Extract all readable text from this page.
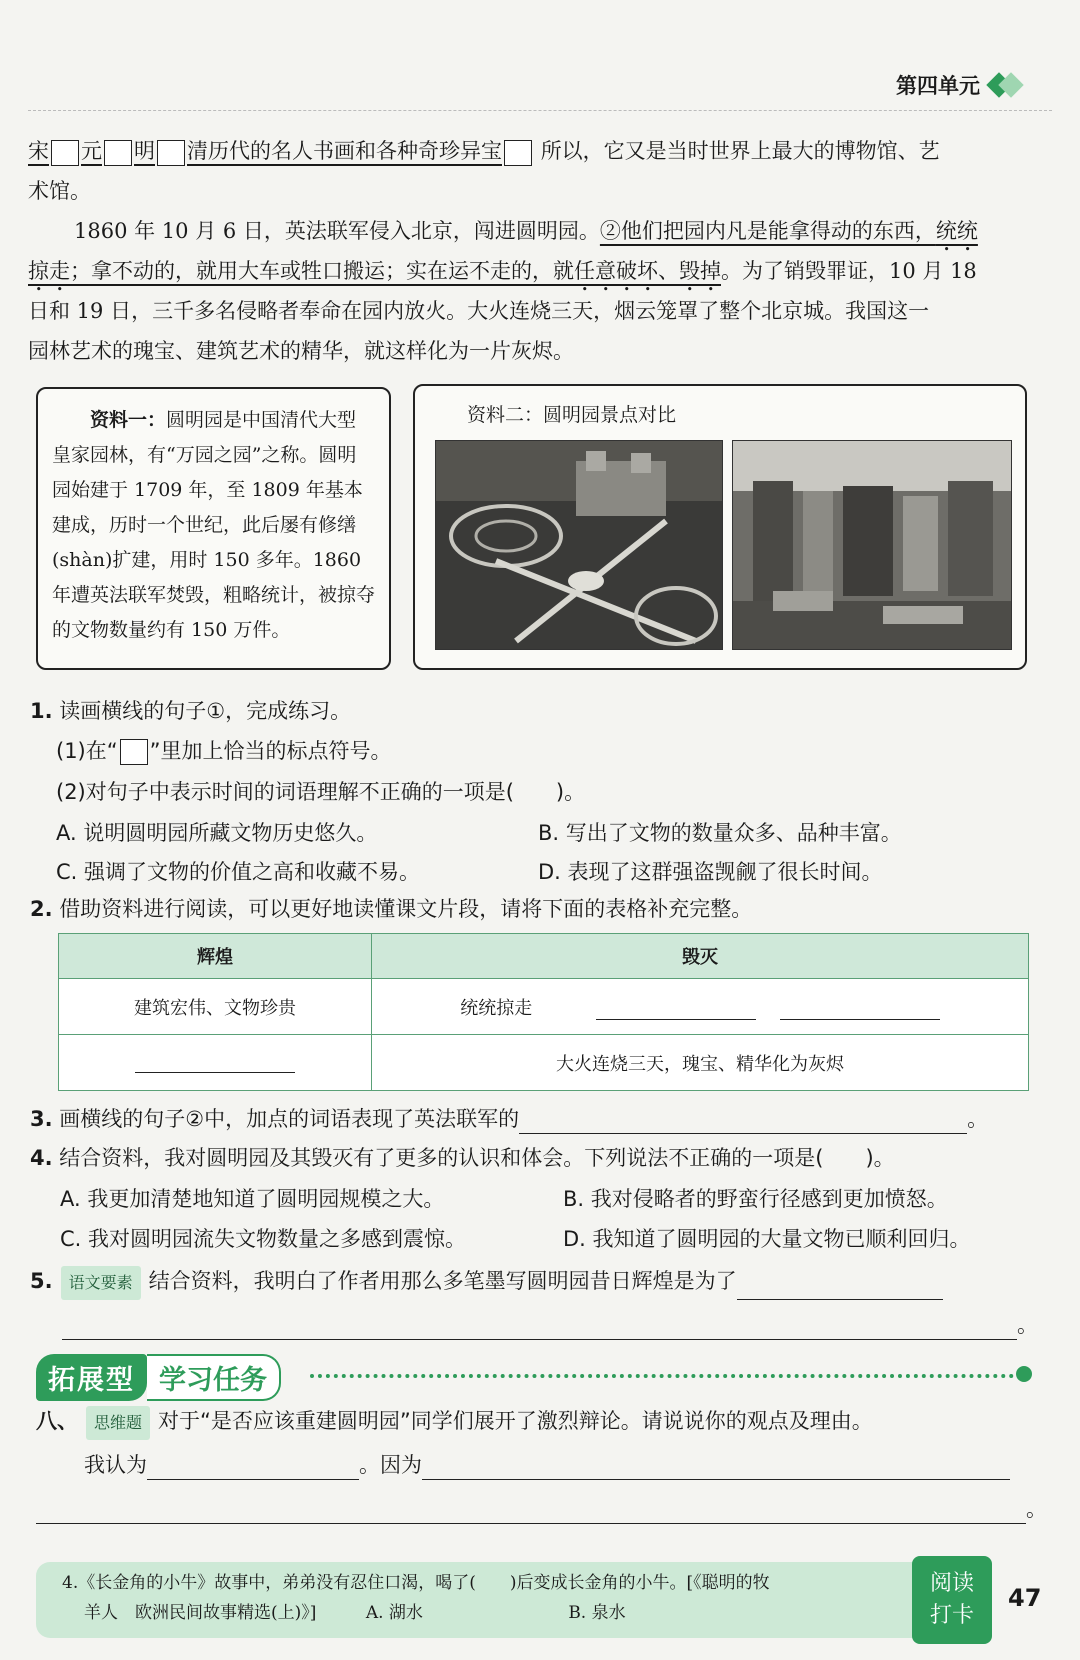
第四单元
宋 元 明 清历代的名人书画和各种奇珍异宝 所以，它又是当时世界上最大的博物馆、艺
术馆。
1860 年 10 月 6 日，英法联军侵入北京，闯进圆明园。②他们把园内凡是能拿得动的东西，统统
掠走；拿不动的，就用大车或牲口搬运；实在运不走的，就任意破坏、毁掉。为了销毁罪证，10 月 18
日和 19 日，三千多名侵略者奉命在园内放火。大火连烧三天，烟云笼罩了整个北京城。我国这一
园林艺术的瑰宝、建筑艺术的精华，就这样化为一片灰烬。
资料一：圆明园是中国清代大型皇家园林，有“万园之园”之称。圆明园始建于 1709 年，至 1809 年基本建成，历时一个世纪，此后屡有修缮(shàn)扩建，用时 150 多年。1860 年遭英法联军焚毁，粗略统计，被掠夺的文物数量约有 150 万件。
资料二：圆明园景点对比
1. 读画横线的句子①，完成练习。
(1)在“ ”里加上恰当的标点符号。
(2)对句子中表示时间的词语理解不正确的一项是(　　)。
A. 说明圆明园所藏文物历史悠久。	B. 写出了文物的数量众多、品种丰富。
C. 强调了文物的价值之高和收藏不易。	D. 表现了这群强盗觊觎了很长时间。
2. 借助资料进行阅读，可以更好地读懂课文片段，请将下面的表格补充完整。
辉煌	毁灭
建筑宏伟、文物珍贵	统统掠走
	大火连烧三天，瑰宝、精华化为灰烬
3. 画横线的句子②中，加点的词语表现了英法联军的	。
4. 结合资料，我对圆明园及其毁灭有了更多的认识和体会。下列说法不正确的一项是(　　)。
A. 我更加清楚地知道了圆明园规模之大。	B. 我对侵略者的野蛮行径感到更加愤怒。
C. 我对圆明园流失文物数量之多感到震惊。	D. 我知道了圆明园的大量文物已顺利回归。
5. 语文要素 结合资料，我明白了作者用那么多笔墨写圆明园昔日辉煌是为了
。
拓展型 学习任务
八、 思维题 对于“是否应该重建圆明园”同学们展开了激烈辩论。请说说你的观点及理由。
我认为	。因为
。
4.《长金角的小牛》故事中，弟弟没有忍住口渴，喝了(　　)后变成长金角的小牛。[《聪明的牧
羊人　欧洲民间故事精选(上)》]	A. 湖水	B. 泉水
阅读
打卡
47
